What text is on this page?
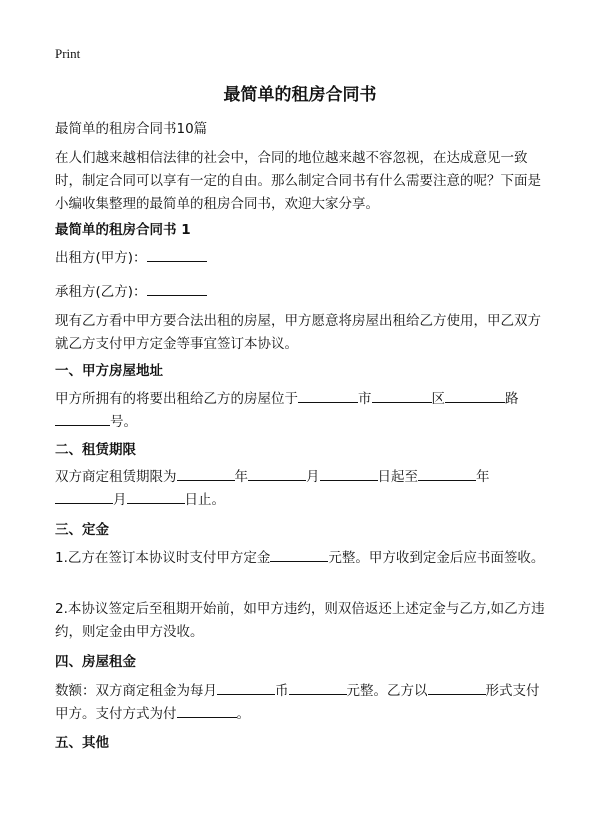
Print
最简单的租房合同书
最简单的租房合同书10篇
在人们越来越相信法律的社会中，合同的地位越来越不容忽视，在达成意见一致时，制定合同可以享有一定的自由。那么制定合同书有什么需要注意的呢？下面是小编收集整理的最简单的租房合同书，欢迎大家分享。
最简单的租房合同书 1
出租方(甲方)：
承租方(乙方)：
现有乙方看中甲方要合法出租的房屋，甲方愿意将房屋出租给乙方使用，甲乙双方就乙方支付甲方定金等事宜签订本协议。
一、甲方房屋地址
甲方所拥有的将要出租给乙方的房屋位于	市	区	路
号。
二、租赁期限
双方商定租赁期限为	年	月	日起至	年
月	日止。
三、定金
1.乙方在签订本协议时支付甲方定金	元整。甲方收到定金后应书面签收。
2.本协议签定后至租期开始前，如甲方违约，则双倍返还上述定金与乙方,如乙方违约，则定金由甲方没收。
四、房屋租金
数额：双方商定租金为每月	币	元整。乙方以	形式支付甲方。支付方式为付	。
五、其他
